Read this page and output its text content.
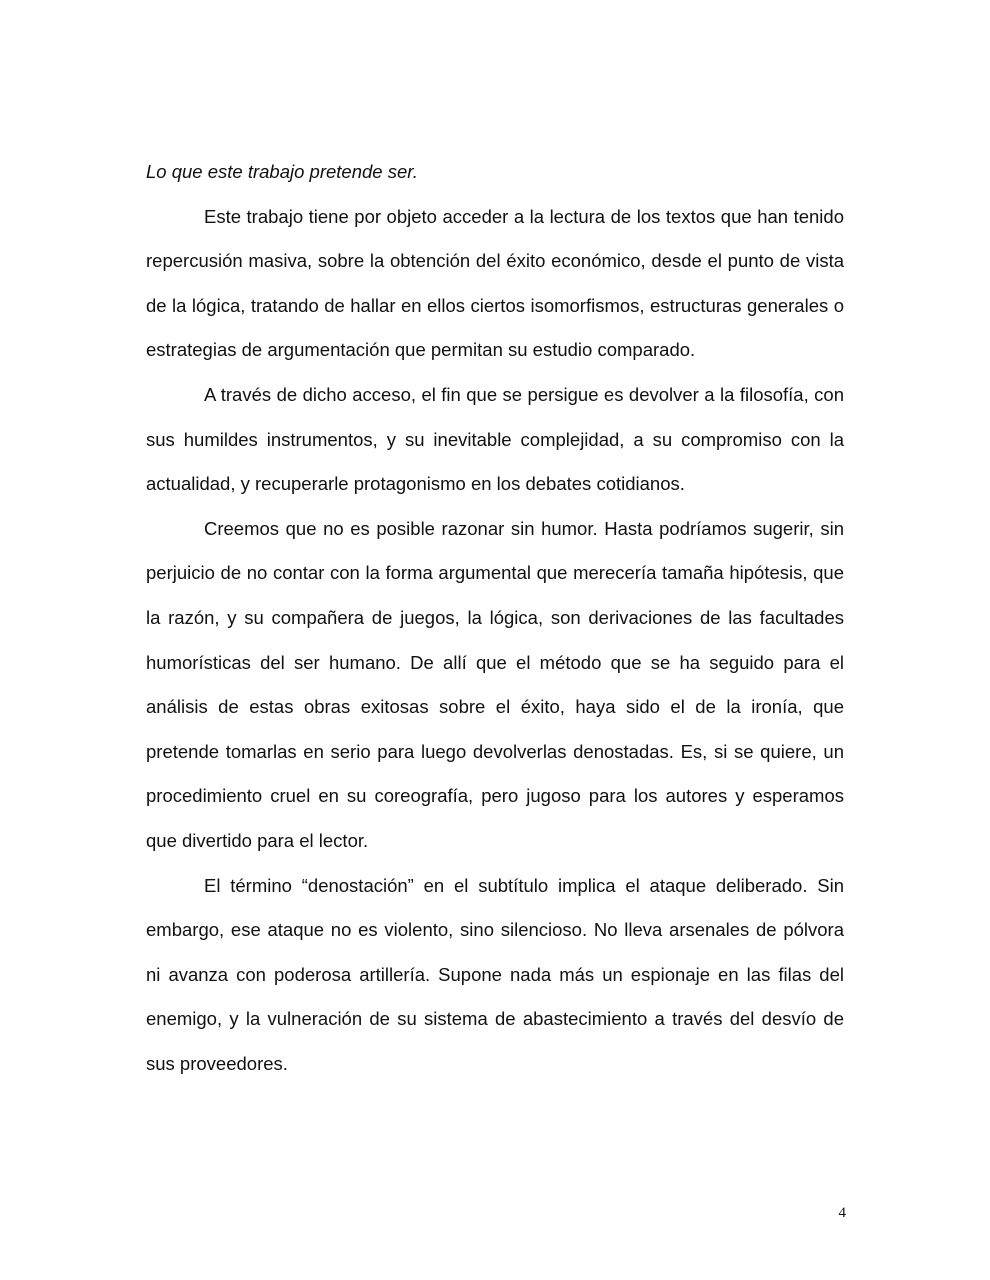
Lo que este trabajo pretende ser.

Este trabajo tiene por objeto acceder a la lectura de los textos que han tenido repercusión masiva, sobre la obtención del éxito económico, desde el punto de vista de la lógica, tratando de hallar en ellos ciertos isomorfismos, estructuras generales o estrategias de argumentación que permitan su estudio comparado.

A través de dicho acceso, el fin que se persigue es devolver a la filosofía, con sus humildes instrumentos, y su inevitable complejidad, a su compromiso con la actualidad, y recuperarle protagonismo en los debates cotidianos.

Creemos que no es posible razonar sin humor. Hasta podríamos sugerir, sin perjuicio de no contar con la forma argumental que merecería tamaña hipótesis, que la razón, y su compañera de juegos, la lógica, son derivaciones de las facultades humorísticas del ser humano. De allí que el método que se ha seguido para el análisis de estas obras exitosas sobre el éxito, haya sido el de la ironía, que pretende tomarlas en serio para luego devolverlas denostadas. Es, si se quiere, un procedimiento cruel en su coreografía, pero jugoso para los autores y esperamos que divertido para el lector.

El término “denostación” en el subtítulo implica el ataque deliberado. Sin embargo, ese ataque no es violento, sino silencioso. No lleva arsenales de pólvora ni avanza con poderosa artillería. Supone nada más un espionaje en las filas del enemigo, y la vulneración de su sistema de abastecimiento a través del desvío de sus proveedores.

4
